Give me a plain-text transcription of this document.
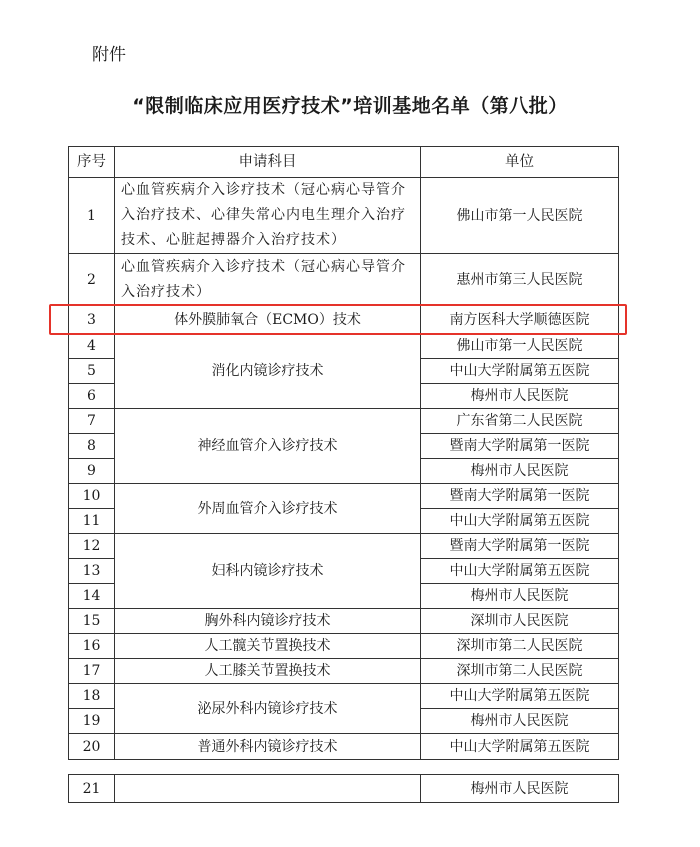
附件
“限制临床应用医疗技术”培训基地名单（第八批）
序号	申请科目	单位
1	心血管疾病介入诊疗技术（冠心病心导管介入治疗技术、心律失常心内电生理介入治疗技术、心脏起搏器介入治疗技术）	佛山市第一人民医院
2	心血管疾病介入诊疗技术（冠心病心导管介入治疗技术）	惠州市第三人民医院
3	体外膜肺氧合（ECMO）技术	南方医科大学顺德医院
4	消化内镜诊疗技术	佛山市第一人民医院
5		中山大学附属第五医院
6		梅州市人民医院
7	神经血管介入诊疗技术	广东省第二人民医院
8		暨南大学附属第一医院
9		梅州市人民医院
10	外周血管介入诊疗技术	暨南大学附属第一医院
11		中山大学附属第五医院
12	妇科内镜诊疗技术	暨南大学附属第一医院
13		中山大学附属第五医院
14		梅州市人民医院
15	胸外科内镜诊疗技术	深圳市人民医院
16	人工髋关节置换技术	深圳市第二人民医院
17	人工膝关节置换技术	深圳市第二人民医院
18	泌尿外科内镜诊疗技术	中山大学附属第五医院
19		梅州市人民医院
20	普通外科内镜诊疗技术	中山大学附属第五医院
21		梅州市人民医院
